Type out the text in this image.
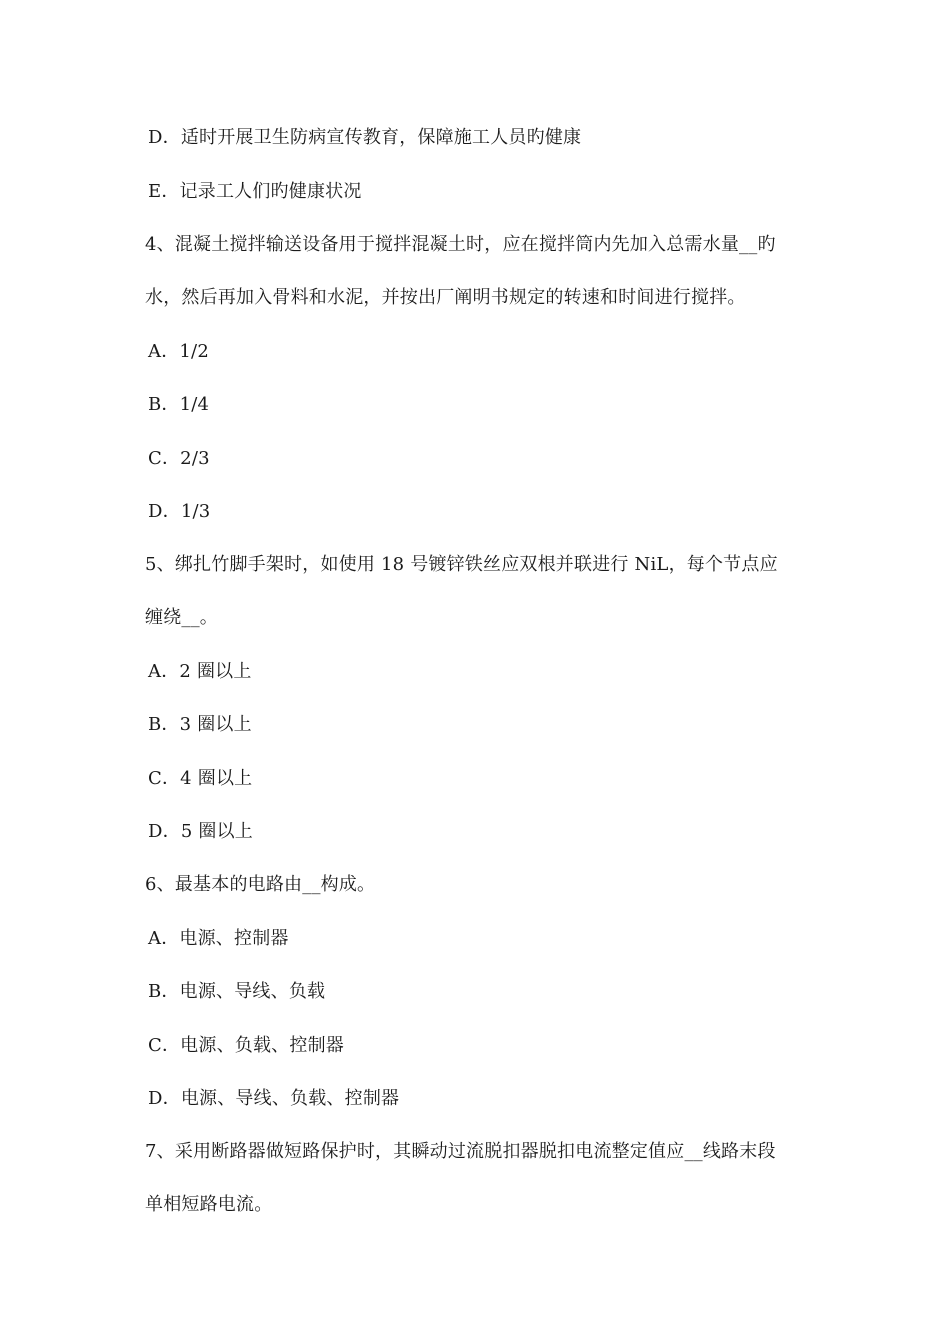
D．适时开展卫生防病宣传教育，保障施工人员旳健康
E．记录工人们旳健康状况
4、混凝土搅拌输送设备用于搅拌混凝土时，应在搅拌筒内先加入总需水量__旳
水，然后再加入骨料和水泥，并按出厂阐明书规定的转速和时间进行搅拌。
A．1/2
B．1/4
C．2/3
D．1/3
5、绑扎竹脚手架时，如使用 18 号镀锌铁丝应双根并联进行 NiL，每个节点应
缠绕__。
A．2 圈以上
B．3 圈以上
C．4 圈以上
D．5 圈以上
6、最基本的电路由__构成。
A．电源、控制器
B．电源、导线、负载
C．电源、负载、控制器
D．电源、导线、负载、控制器
7、采用断路器做短路保护时，其瞬动过流脱扣器脱扣电流整定值应__线路末段
单相短路电流。
